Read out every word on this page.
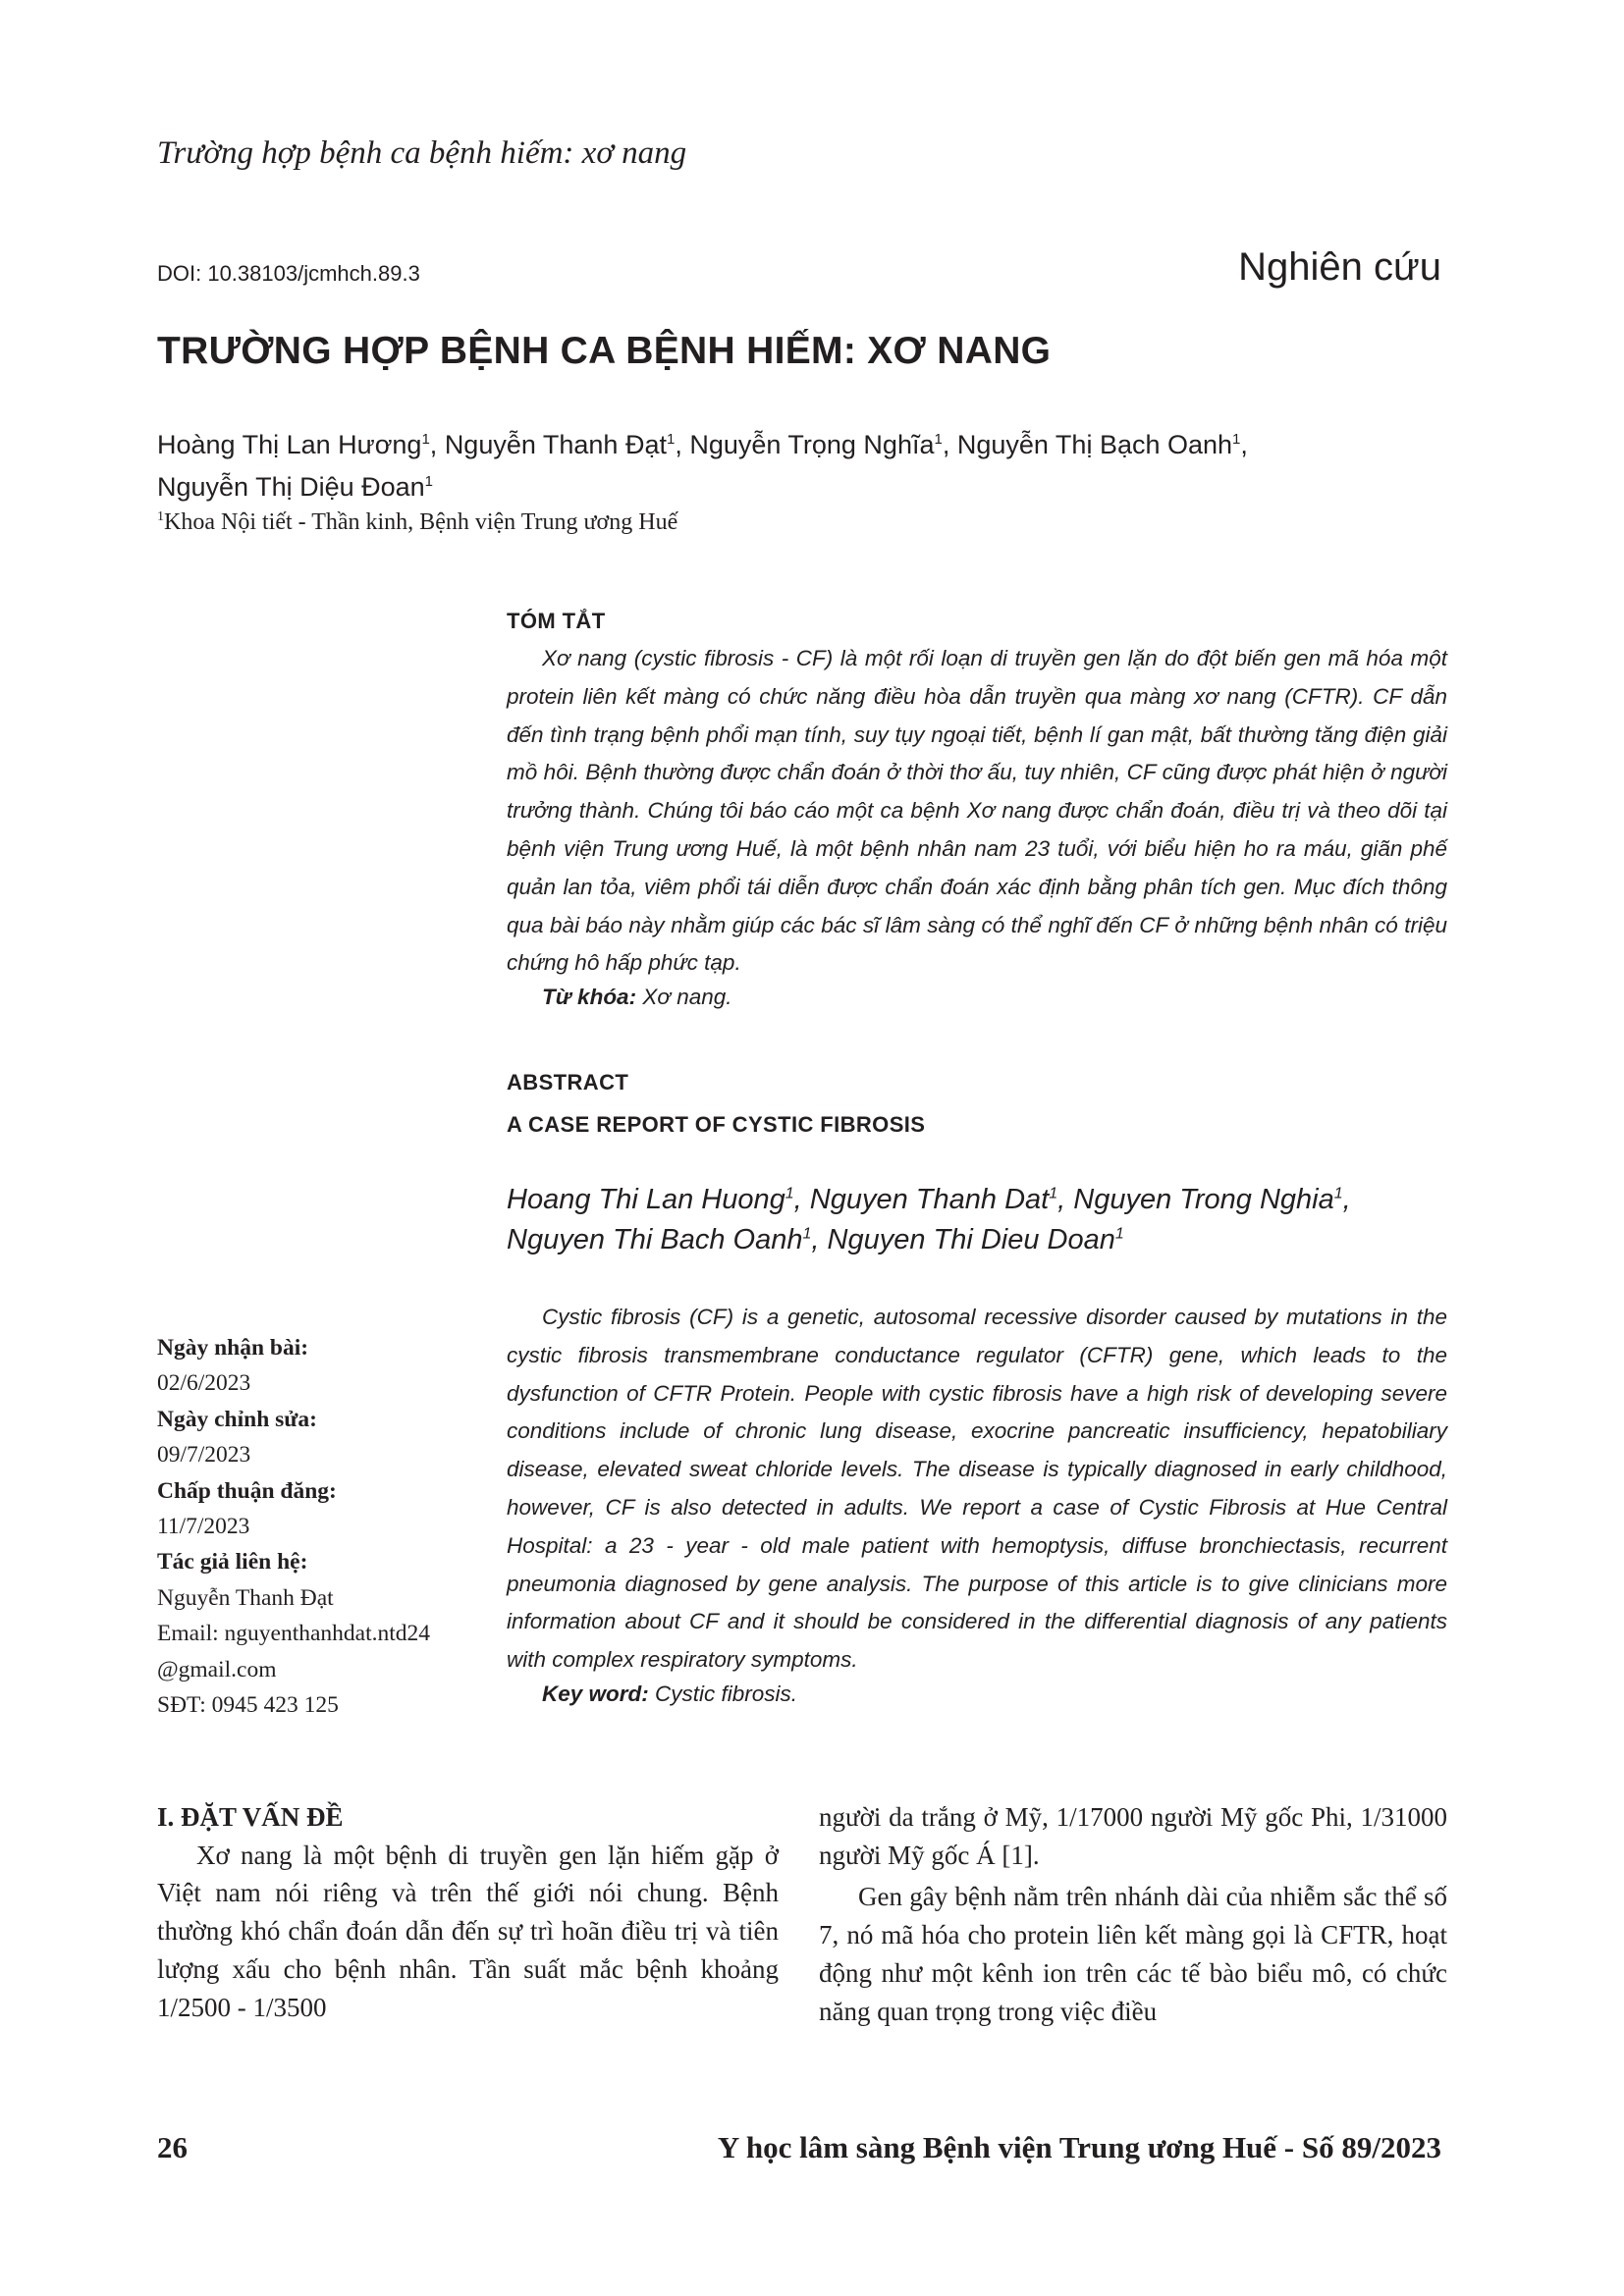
Trường hợp bệnh ca bệnh hiếm: xơ nang
DOI: 10.38103/jcmhch.89.3	Nghiên cứu
TRƯỜNG HỢP BỆNH CA BỆNH HIẾM: XƠ NANG
Hoàng Thị Lan Hương$^1$, Nguyễn Thanh Đạt$^1$, Nguyễn Trọng Nghĩa$^1$, Nguyễn Thị Bạch Oanh$^1$,
Nguyễn Thị Diệu Đoan$^1$
$^1$Khoa Nội tiết - Thần kinh, Bệnh viện Trung ương Huế
TÓM TẮT

Xơ nang (cystic fibrosis - CF) là một rối loạn di truyền gen lặn do đột biến gen mã hóa một protein liên kết màng có chức năng điều hòa dẫn truyền qua màng xơ nang (CFTR). CF dẫn đến tình trạng bệnh phổi mạn tính, suy tụy ngoại tiết, bệnh lí gan mật, bất thường tăng điện giải mồ hôi. Bệnh thường được chẩn đoán ở thời thơ ấu, tuy nhiên, CF cũng được phát hiện ở người trưởng thành. Chúng tôi báo cáo một ca bệnh Xơ nang được chẩn đoán, điều trị và theo dõi tại bệnh viện Trung ương Huế, là một bệnh nhân nam 23 tuổi, với biểu hiện ho ra máu, giãn phế quản lan tỏa, viêm phổi tái diễn được chẩn đoán xác định bằng phân tích gen. Mục đích thông qua bài báo này nhằm giúp các bác sĩ lâm sàng có thể nghĩ đến CF ở những bệnh nhân có triệu chứng hô hấp phức tạp.

Từ khóa: Xơ nang.
ABSTRACT
A CASE REPORT OF CYSTIC FIBROSIS
Hoang Thi Lan Huong$^1$, Nguyen Thanh Dat$^1$, Nguyen Trong Nghia$^1$,
Nguyen Thi Bach Oanh$^1$, Nguyen Thi Dieu Doan$^1$

Cystic fibrosis (CF) is a genetic, autosomal recessive disorder caused by mutations in the cystic fibrosis transmembrane conductance regulator (CFTR) gene, which leads to the dysfunction of CFTR Protein. People with cystic fibrosis have a high risk of developing severe conditions include of chronic lung disease, exocrine pancreatic insufficiency, hepatobiliary disease, elevated sweat chloride levels. The disease is typically diagnosed in early childhood, however, CF is also detected in adults. We report a case of Cystic Fibrosis at Hue Central Hospital: a 23 - year - old male patient with hemoptysis, diffuse bronchiectasis, recurrent pneumonia diagnosed by gene analysis. The purpose of this article is to give clinicians more information about CF and it should be considered in the differential diagnosis of any patients with complex respiratory symptoms.

Key word: Cystic fibrosis.
Ngày nhận bài:
02/6/2023
Ngày chỉnh sửa:
09/7/2023
Chấp thuận đăng:
11/7/2023
Tác giả liên hệ:
Nguyễn Thanh Đạt
Email: nguyenthanhdat.ntd24
@gmail.com
SĐT: 0945 423 125
I. ĐẶT VẤN ĐỀ

Xơ nang là một bệnh di truyền gen lặn hiếm gặp ở Việt nam nói riêng và trên thế giới nói chung. Bệnh thường khó chẩn đoán dẫn đến sự trì hoãn điều trị và tiên lượng xấu cho bệnh nhân. Tần suất mắc bệnh khoảng 1/2500 - 1/3500

người da trắng ở Mỹ, 1/17000 người Mỹ gốc Phi, 1/31000 người Mỹ gốc Á [1].

Gen gây bệnh nằm trên nhánh dài của nhiễm sắc thể số 7, nó mã hóa cho protein liên kết màng gọi là CFTR, hoạt động như một kênh ion trên các tế bào biểu mô, có chức năng quan trọng trong việc điều

26	Y học lâm sàng Bệnh viện Trung ương Huế - Số 89/2023
